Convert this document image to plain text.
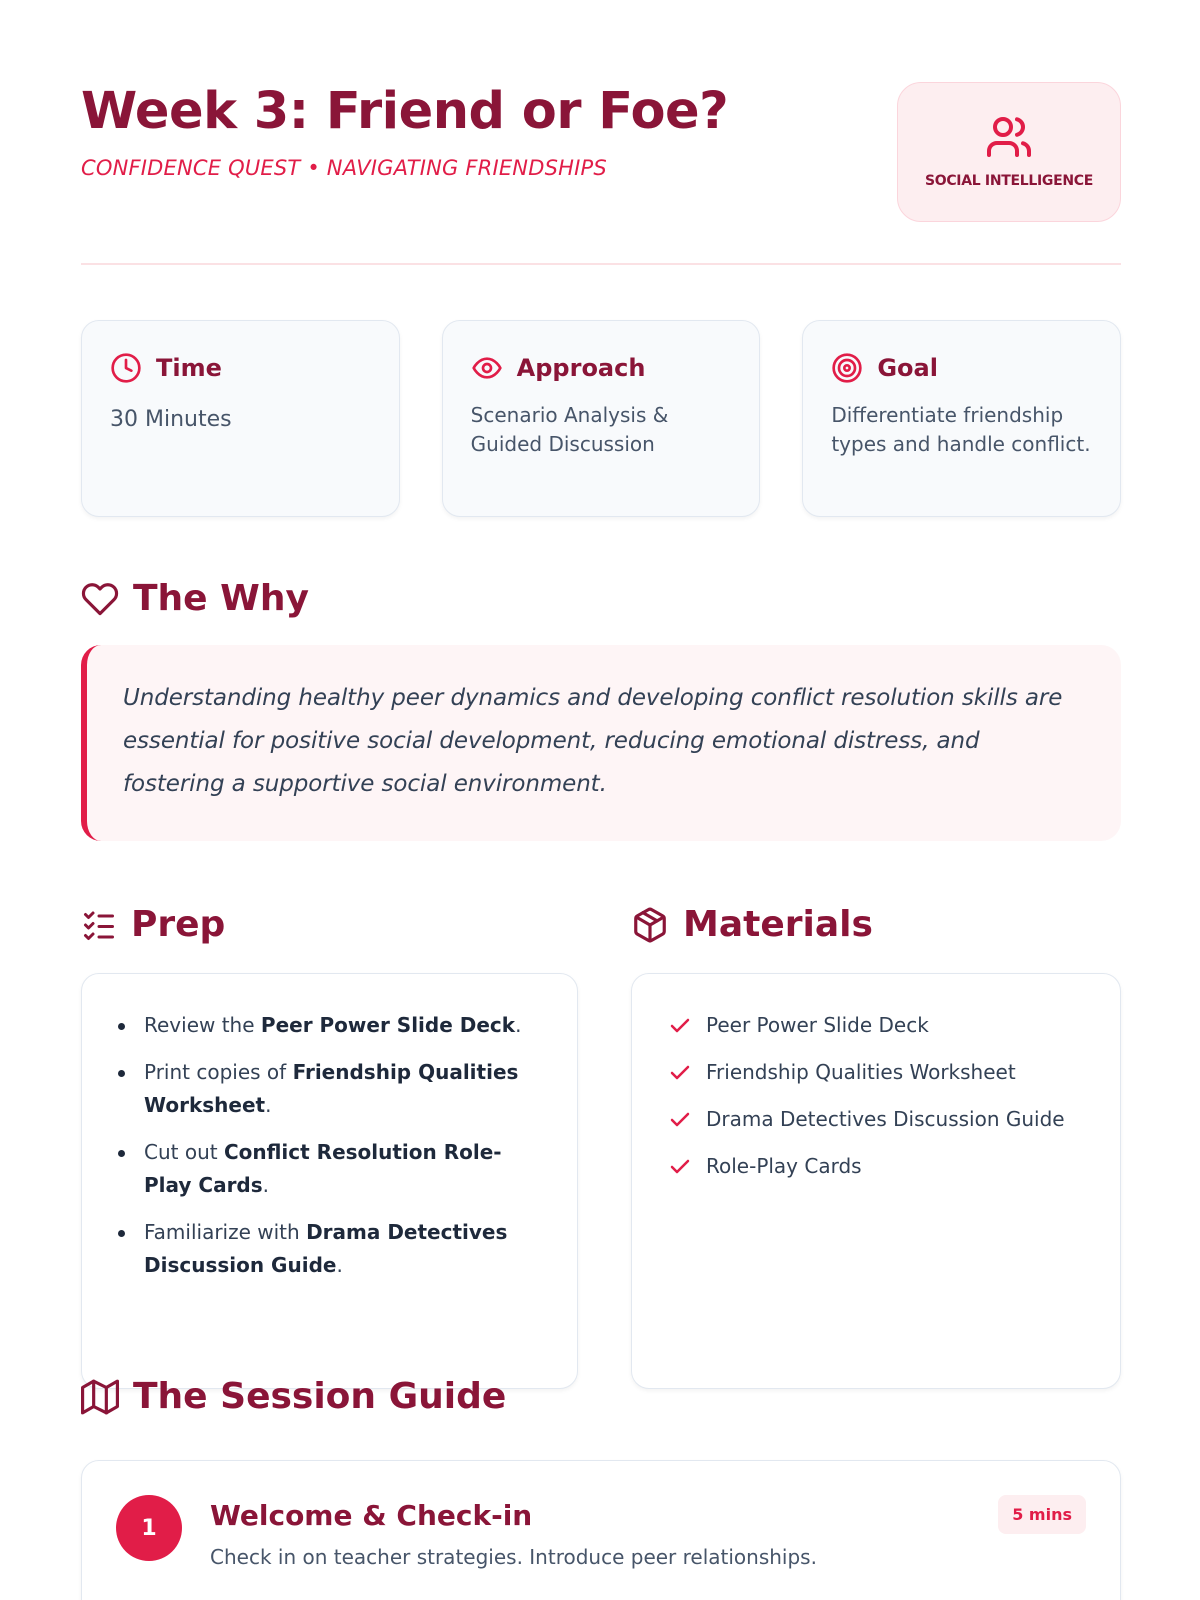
Week 3: Friend or Foe?
CONFIDENCE QUEST • NAVIGATING FRIENDSHIPS
SOCIAL INTELLIGENCE
Time
30 Minutes
Approach
Scenario Analysis & Guided Discussion
Goal
Differentiate friendship types and handle conflict.
The Why

Understanding healthy peer dynamics and developing conflict resolution skills are essential for positive social development, reducing emotional distress, and fostering a supportive social environment.

Prep
Review the Peer Power Slide Deck.
Print copies of Friendship Qualities Worksheet.
Cut out Conflict Resolution Role-Play Cards.
Familiarize with Drama Detectives Discussion Guide.
Materials
Peer Power Slide Deck
Friendship Qualities Worksheet
Drama Detectives Discussion Guide
Role-Play Cards
The Session Guide
1	Welcome & Check-in
Check in on teacher strategies. Introduce peer relationships.
5 mins
